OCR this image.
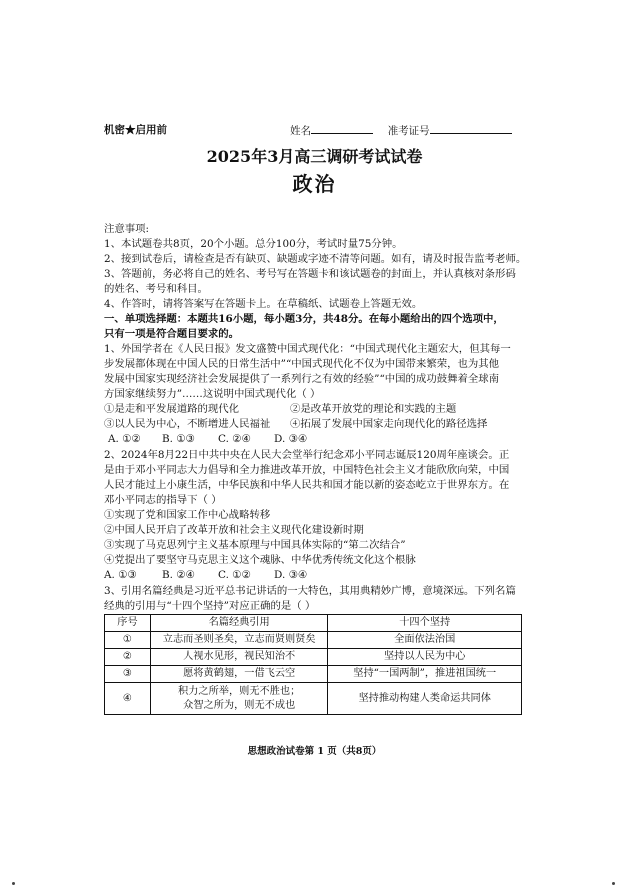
机密★启用前	姓名	准考证号
2025年3月高三调研考试试卷
政治
注意事项:
1、本试题卷共8页，20个小题。总分100分，考试时量75分钟。
2、接到试卷后，请检查是否有缺页、缺题或字迹不清等问题。如有，请及时报告监考老师。
3、答题前，务必将自己的姓名、考号写在答题卡和该试题卷的封面上，并认真核对条形码
的姓名、考号和科目。
4、作答时，请将答案写在答题卡上。在草稿纸、试题卷上答题无效。
一、单项选择题：本题共16小题，每小题3分，共48分。在每小题给出的四个选项中，
只有一项是符合题目要求的。
1、外国学者在《人民日报》发文盛赞中国式现代化：“中国式现代化主题宏大，但其每一
步发展都体现在中国人民的日常生活中”“中国式现代化不仅为中国带来繁荣，也为其他
发展中国家实现经济社会发展提供了一系列行之有效的经验”“中国的成功鼓舞着全球南
方国家继续努力”……这说明中国式现代化（ ）
①是走和平发展道路的现代化	②是改革开放党的理论和实践的主题
③以人民为中心，不断增进人民福祉 ④拓展了发展中国家走向现代化的路径选择
A. ①② B. ①③ C. ②④ D. ③④
2、2024年8月22日中共中央在人民大会堂举行纪念邓小平同志诞辰120周年座谈会。正
是由于邓小平同志大力倡导和全力推进改革开放，中国特色社会主义才能欣欣向荣，中国
人民才能过上小康生活，中华民族和中华人民共和国才能以新的姿态屹立于世界东方。在
邓小平同志的指导下（ ）
①实现了党和国家工作中心战略转移
②中国人民开启了改革开放和社会主义现代化建设新时期
③实现了马克思列宁主义基本原理与中国具体实际的“第二次结合”
④党提出了要坚守马克思主义这个魂脉、中华优秀传统文化这个根脉
A. ①③ B. ②④ C. ①② D. ③④
3、引用名篇经典是习近平总书记讲话的一大特色，其用典精妙广博，意境深远。下列名篇
经典的引用与“十四个坚持”对应正确的是（ ）
序号	名篇经典引用	十四个坚持
①	立志而圣则圣矣，立志而贤则贤矣	全面依法治国
②	人视水见形，视民知治不	坚持以人民为中心
③	愿将黄鹤翅，一借飞云空	坚持“一国两制”，推进祖国统一
④	积力之所举，则无不胜也；
众智之所为，则无不成也	坚持推动构建人类命运共同体
思想政治试卷第 1 页（共8页）
